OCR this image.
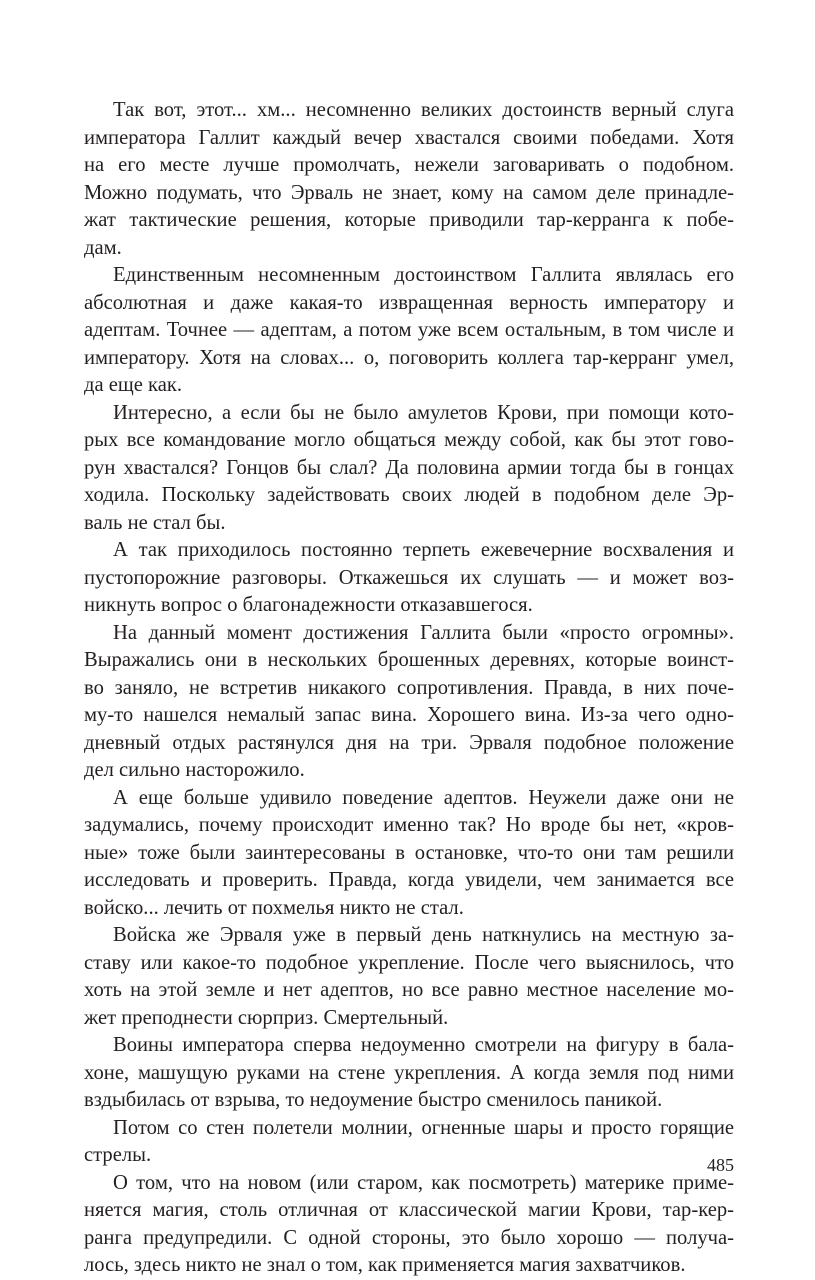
Так вот, этот... хм... несомненно великих достоинств верный слуга
императора Галлит каждый вечер хвастался своими победами. Хотя
на его месте лучше промолчать, нежели заговаривать о подобном.
Можно подумать, что Эрваль не знает, кому на самом деле принадле-
жат тактические решения, которые приводили тар-керранга к побе-
дам.
Единственным несомненным достоинством Галлита являлась его
абсолютная и даже какая-то извращенная верность императору и
адептам. Точнее — адептам, а потом уже всем остальным, в том числе и
императору. Хотя на словах... о, поговорить коллега тар-керранг умел,
да еще как.
Интересно, а если бы не было амулетов Крови, при помощи кото-
рых все командование могло общаться между собой, как бы этот гово-
рун хвастался? Гонцов бы слал? Да половина армии тогда бы в гонцах
ходила. Поскольку задействовать своих людей в подобном деле Эр-
валь не стал бы.
А так приходилось постоянно терпеть ежевечерние восхваления и
пустопорожние разговоры. Откажешься их слушать — и может воз-
никнуть вопрос о благонадежности отказавшегося.
На данный момент достижения Галлита были «просто огромны».
Выражались они в нескольких брошенных деревнях, которые воинст-
во заняло, не встретив никакого сопротивления. Правда, в них поче-
му-то нашелся немалый запас вина. Хорошего вина. Из-за чего одно-
дневный отдых растянулся дня на три. Эрваля подобное положение
дел сильно насторожило.
А еще больше удивило поведение адептов. Неужели даже они не
задумались, почему происходит именно так? Но вроде бы нет, «кров-
ные» тоже были заинтересованы в остановке, что-то они там решили
исследовать и проверить. Правда, когда увидели, чем занимается все
войско... лечить от похмелья никто не стал.
Войска же Эрваля уже в первый день наткнулись на местную за-
ставу или какое-то подобное укрепление. После чего выяснилось, что
хоть на этой земле и нет адептов, но все равно местное население мо-
жет преподнести сюрприз. Смертельный.
Воины императора сперва недоуменно смотрели на фигуру в бала-
хоне, машущую руками на стене укрепления. А когда земля под ними
вздыбилась от взрыва, то недоумение быстро сменилось паникой.
Потом со стен полетели молнии, огненные шары и просто горящие
стрелы.
О том, что на новом (или старом, как посмотреть) материке приме-
няется магия, столь отличная от классической магии Крови, тар-кер-
ранга предупредили. С одной стороны, это было хорошо — получа-
лось, здесь никто не знал о том, как применяется магия захватчиков.
485
